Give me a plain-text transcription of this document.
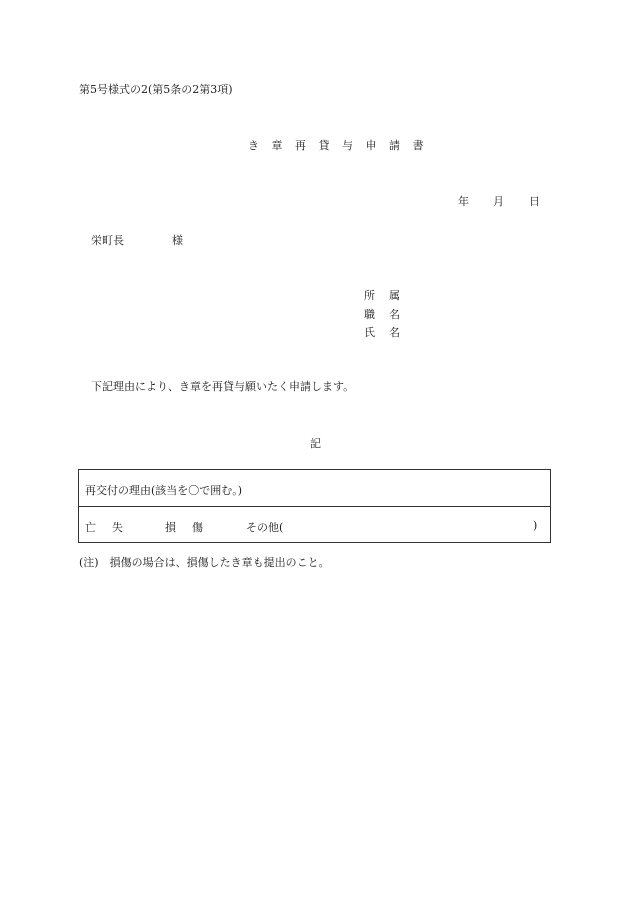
第5号様式の2(第5条の2第3項)
き 章 再 貸 与 申 請 書
年 月 日
栄町長	様
所 属
職 名
氏 名
下記理由により、き章を再貸与願いたく申請します。
記
再交付の理由(該当を〇で囲む。)
亡失 損傷 その他(	)
(注)　損傷の場合は、損傷したき章も提出のこと。
